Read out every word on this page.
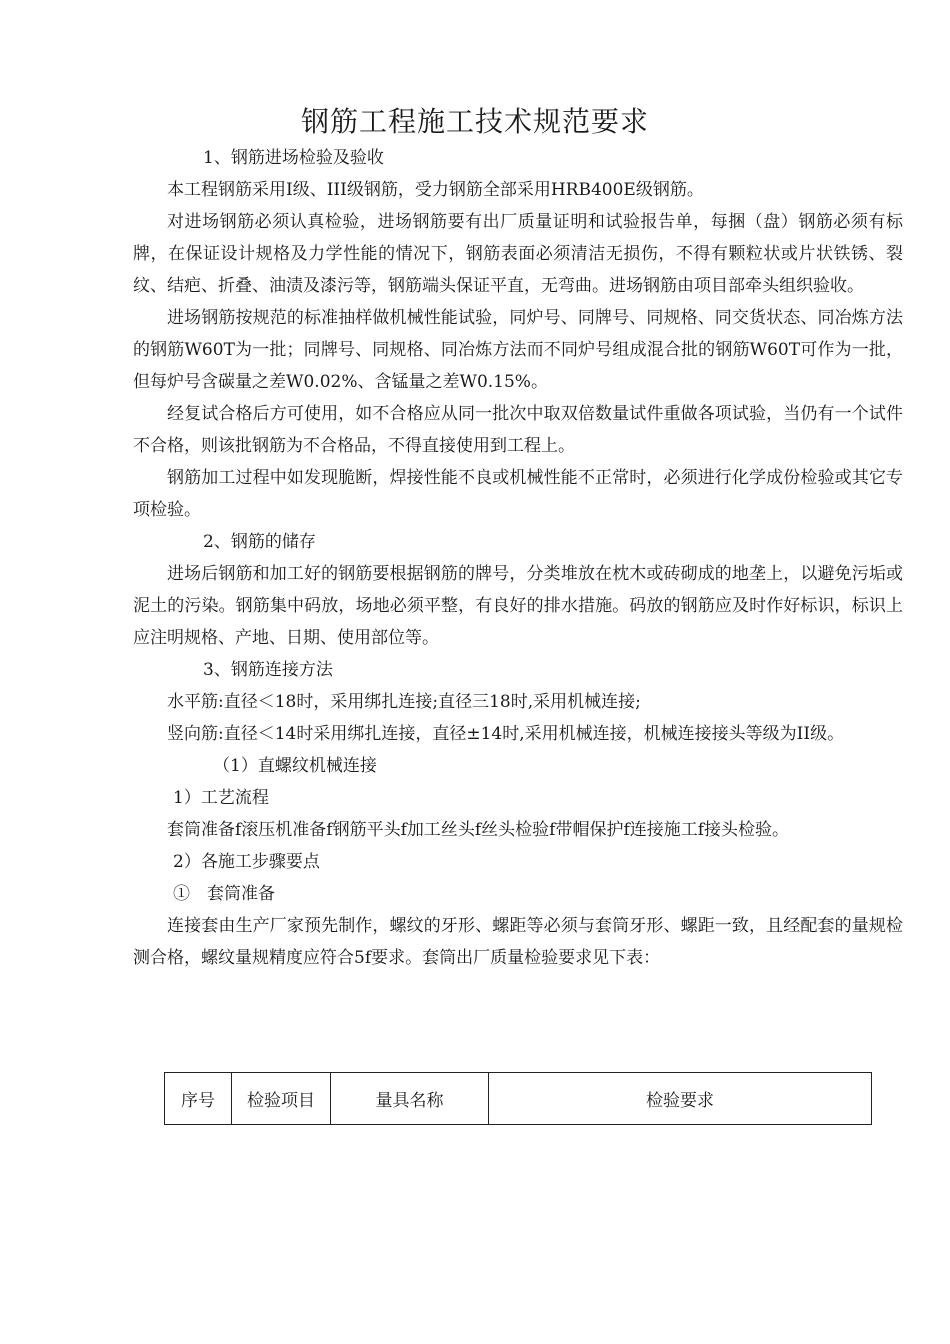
钢筋工程施工技术规范要求

1、钢筋进场检验及验收

本工程钢筋采用Ⅰ级、III级钢筋，受力钢筋全部采用HRB400E级钢筋。

对进场钢筋必须认真检验，进场钢筋要有出厂质量证明和试验报告单，每捆（盘）钢筋必须有标牌，在保证设计规格及力学性能的情况下，钢筋表面必须清洁无损伤，不得有颗粒状或片状铁锈、裂纹、结疤、折叠、油渍及漆污等，钢筋端头保证平直，无弯曲。进场钢筋由项目部牵头组织验收。

进场钢筋按规范的标准抽样做机械性能试验，同炉号、同牌号、同规格、同交货状态、同冶炼方法的钢筋W60T为一批；同牌号、同规格、同冶炼方法而不同炉号组成混合批的钢筋W60T可作为一批，但每炉号含碳量之差W0.02%、含锰量之差W0.15%。

经复试合格后方可使用，如不合格应从同一批次中取双倍数量试件重做各项试验，当仍有一个试件不合格，则该批钢筋为不合格品，不得直接使用到工程上。

钢筋加工过程中如发现脆断，焊接性能不良或机械性能不正常时，必须进行化学成份检验或其它专项检验。

2、钢筋的储存

进场后钢筋和加工好的钢筋要根据钢筋的牌号，分类堆放在枕木或砖砌成的地垄上，以避免污垢或泥土的污染。钢筋集中码放，场地必须平整，有良好的排水措施。码放的钢筋应及时作好标识，标识上应注明规格、产地、日期、使用部位等。

3、钢筋连接方法

水平筋:直径＜18时，采用绑扎连接;直径三18时,采用机械连接;

竖向筋:直径＜14时采用绑扎连接，直径±14时,采用机械连接，机械连接接头等级为ⅠⅠ级。

（1）直螺纹机械连接

1）工艺流程

套筒准备f滚压机准备f钢筋平头f加工丝头f丝头检验f带帽保护f连接施工f接头检验。

2）各施工步骤要点

①　套筒准备

连接套由生产厂家预先制作，螺纹的牙形、螺距等必须与套筒牙形、螺距一致，且经配套的量规检测合格，螺纹量规精度应符合5f要求。套筒出厂质量检验要求见下表：

序号	检验项目	量具名称	检验要求
